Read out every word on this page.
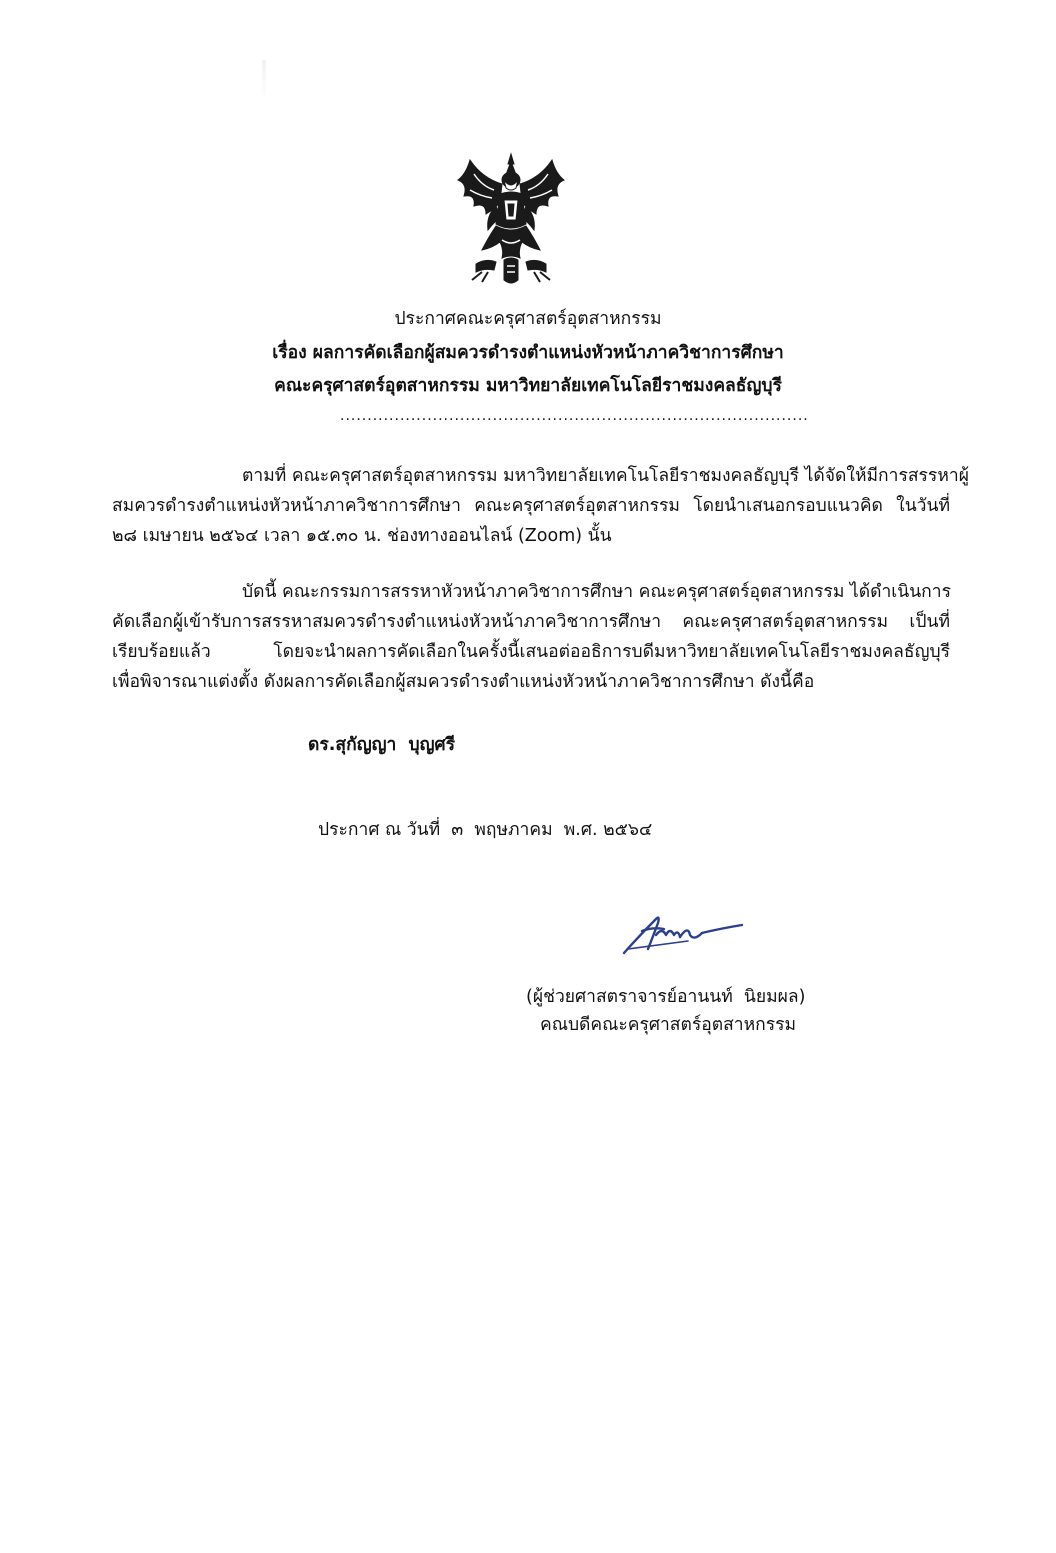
ประกาศคณะครุศาสตร์อุตสาหกรรม
เรื่อง ผลการคัดเลือกผู้สมควรดำรงตำแหน่งหัวหน้าภาควิชาการศึกษา
คณะครุศาสตร์อุตสาหกรรม มหาวิทยาลัยเทคโนโลยีราชมงคลธัญบุรี
......................................................................................
ตามที่ คณะครุศาสตร์อุตสาหกรรม มหาวิทยาลัยเทคโนโลยีราชมงคลธัญบุรี ได้จัดให้มีการสรรหาผู้
สมควรดำรงตำแหน่งหัวหน้าภาควิชาการศึกษา คณะครุศาสตร์อุตสาหกรรม โดยนำเสนอกรอบแนวคิด ในวันที่
๒๘ เมษายน ๒๕๖๔ เวลา ๑๕.๓๐ น. ช่องทางออนไลน์ (Zoom) นั้น
บัดนี้ คณะกรรมการสรรหาหัวหน้าภาควิชาการศึกษา คณะครุศาสตร์อุตสาหกรรม ได้ดำเนินการ
คัดเลือกผู้เข้ารับการสรรหาสมควรดำรงตำแหน่งหัวหน้าภาควิชาการศึกษา คณะครุศาสตร์อุตสาหกรรม เป็นที่
เรียบร้อยแล้ว โดยจะนำผลการคัดเลือกในครั้งนี้เสนอต่ออธิการบดีมหาวิทยาลัยเทคโนโลยีราชมงคลธัญบุรี
เพื่อพิจารณาแต่งตั้ง ดังผลการคัดเลือกผู้สมควรดำรงตำแหน่งหัวหน้าภาควิชาการศึกษา ดังนี้คือ
ดร.สุกัญญา  บุญศรี
ประกาศ ณ วันที่  ๓  พฤษภาคม  พ.ศ. ๒๕๖๔
(ผู้ช่วยศาสตราจารย์อานนท์  นิยมผล)
คณบดีคณะครุศาสตร์อุตสาหกรรม
